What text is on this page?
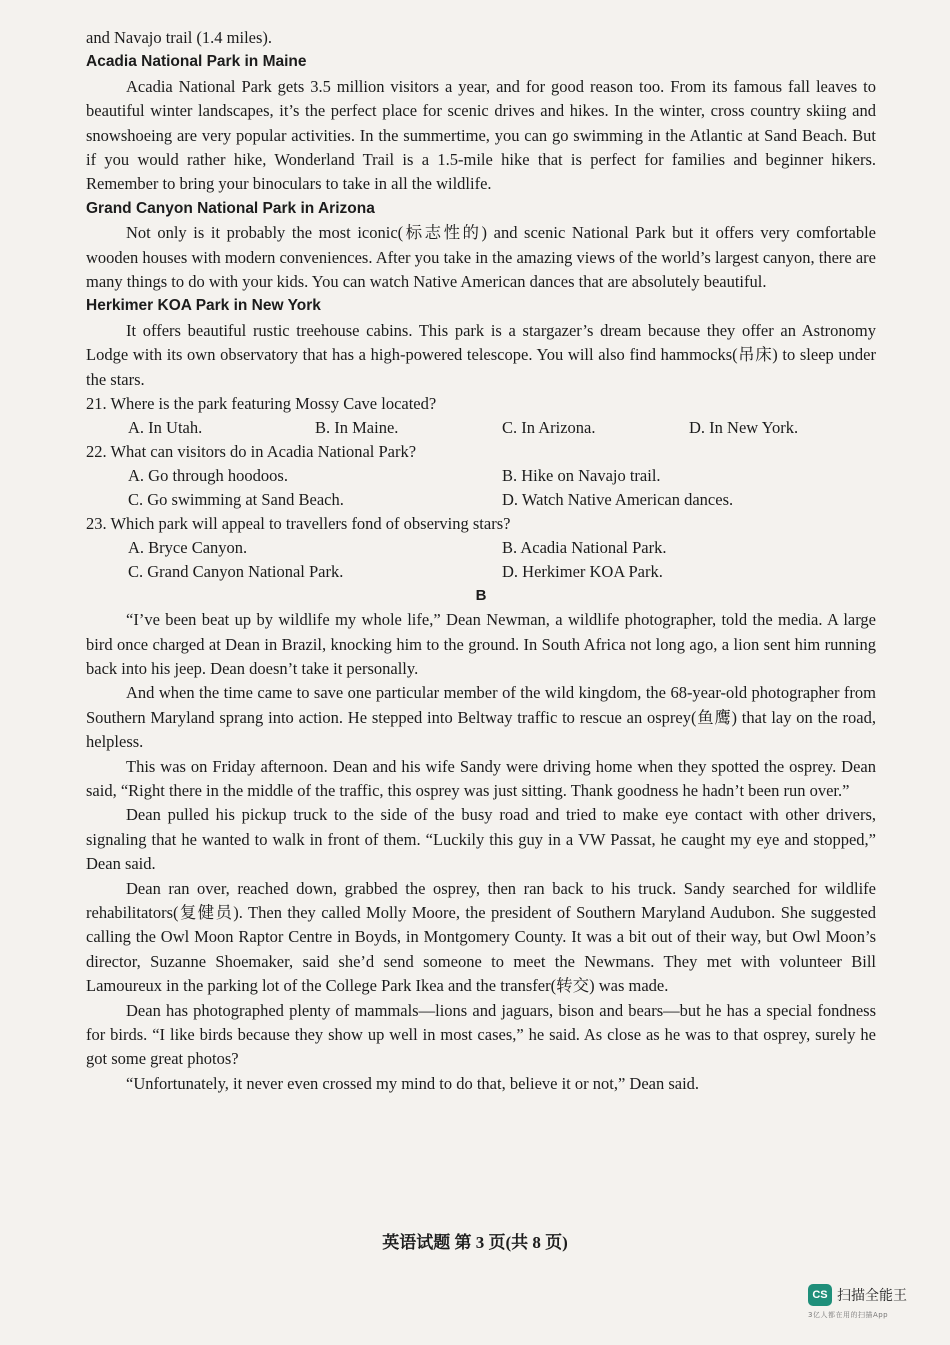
and Navajo trail (1.4 miles).

Acadia National Park in Maine

Acadia National Park gets 3.5 million visitors a year, and for good reason too. From its famous fall leaves to beautiful winter landscapes, it’s the perfect place for scenic drives and hikes. In the winter, cross country skiing and snowshoeing are very popular activities. In the summertime, you can go swimming in the Atlantic at Sand Beach. But if you would rather hike, Wonderland Trail is a 1.5-mile hike that is perfect for families and beginner hikers. Remember to bring your binoculars to take in all the wildlife.

Grand Canyon National Park in Arizona

Not only is it probably the most iconic(标志性的) and scenic National Park but it offers very comfortable wooden houses with modern conveniences. After you take in the amazing views of the world’s largest canyon, there are many things to do with your kids. You can watch Native American dances that are absolutely beautiful.

Herkimer KOA Park in New York

It offers beautiful rustic treehouse cabins. This park is a stargazer’s dream because they offer an Astronomy Lodge with its own observatory that has a high-powered telescope. You will also find hammocks(吊床) to sleep under the stars.

21. Where is the park featuring Mossy Cave located?
A. In Utah.	B. In Maine.	C. In Arizona.	D. In New York.
22. What can visitors do in Acadia National Park?
A. Go through hoodoos.	B. Hike on Navajo trail.
C. Go swimming at Sand Beach.	D. Watch Native American dances.
23. Which park will appeal to travellers fond of observing stars?
A. Bryce Canyon.	B. Acadia National Park.
C. Grand Canyon National Park.	D. Herkimer KOA Park.
B

“I’ve been beat up by wildlife my whole life,” Dean Newman, a wildlife photographer, told the media. A large bird once charged at Dean in Brazil, knocking him to the ground. In South Africa not long ago, a lion sent him running back into his jeep. Dean doesn’t take it personally.

And when the time came to save one particular member of the wild kingdom, the 68-year-old photographer from Southern Maryland sprang into action. He stepped into Beltway traffic to rescue an osprey(鱼鹰) that lay on the road, helpless.

This was on Friday afternoon. Dean and his wife Sandy were driving home when they spotted the osprey. Dean said, “Right there in the middle of the traffic, this osprey was just sitting. Thank goodness he hadn’t been run over.”

Dean pulled his pickup truck to the side of the busy road and tried to make eye contact with other drivers, signaling that he wanted to walk in front of them. “Luckily this guy in a VW Passat, he caught my eye and stopped,” Dean said.

Dean ran over, reached down, grabbed the osprey, then ran back to his truck. Sandy searched for wildlife rehabilitators(复健员). Then they called Molly Moore, the president of Southern Maryland Audubon. She suggested calling the Owl Moon Raptor Centre in Boyds, in Montgomery County. It was a bit out of their way, but Owl Moon’s director, Suzanne Shoemaker, said she’d send someone to meet the Newmans. They met with volunteer Bill Lamoureux in the parking lot of the College Park Ikea and the transfer(转交) was made.

Dean has photographed plenty of mammals—lions and jaguars, bison and bears—but he has a special fondness for birds. “I like birds because they show up well in most cases,” he said. As close as he was to that osprey, surely he got some great photos?

“Unfortunately, it never even crossed my mind to do that, believe it or not,” Dean said.

英语试题 第 3 页(共 8 页)
CS 扫描全能王
3亿人都在用的扫描App
